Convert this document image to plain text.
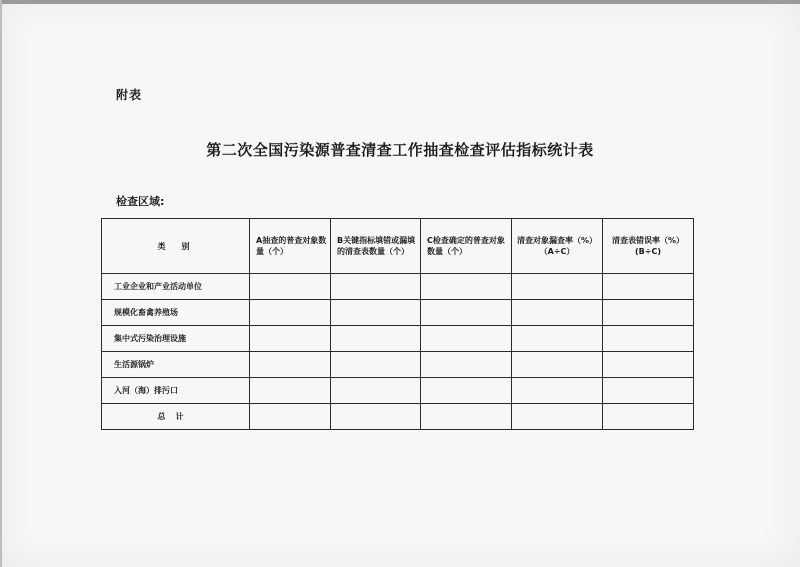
附表
第二次全国污染源普查清查工作抽查检查评估指标统计表
检查区域:
类　别	A抽查的普查对象数量（个）	B关键指标填错或漏填的清查表数量（个）	C检查确定的普查对象数量（个）	清查对象漏查率（%）（A÷C）	清查表错误率（%）(B÷C)
工业企业和产业活动单位					
规模化畜禽养殖场					
集中式污染治理设施					
生活源锅炉					
入河（海）排污口					
总计					
